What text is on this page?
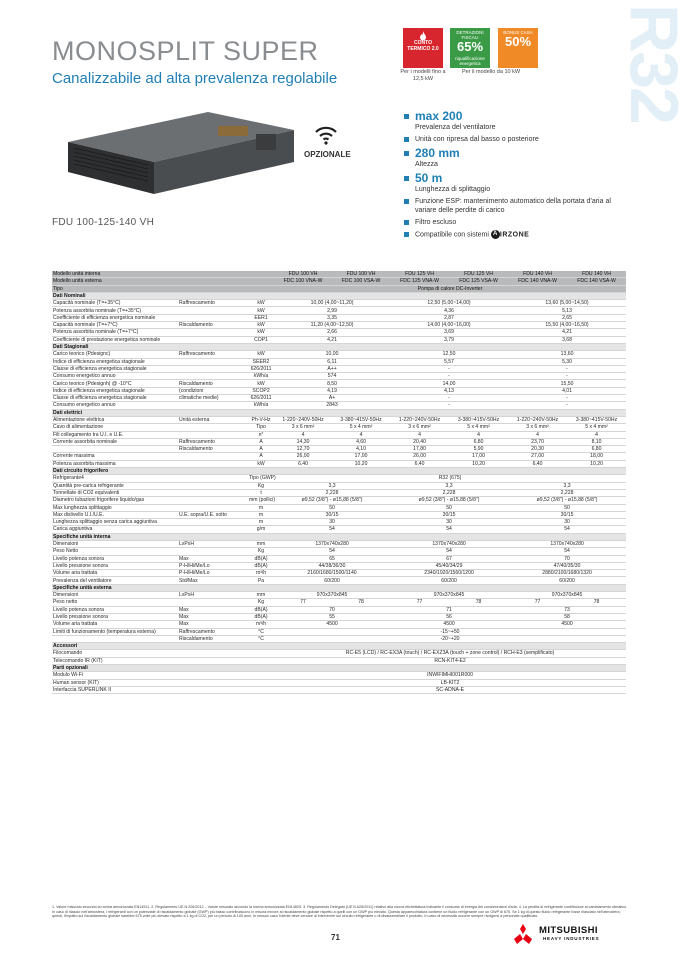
R32
MONOSPLIT SUPER
Canalizzabile ad alta prevalenza regolabile
CONTO TERMICO 2.0
DETRAZIONI FISCALI
65%
riqualificazione energetica
BONUS CASA
50%
Per i modelli fino a 12,5 kW
Per il modello da 10 kW
FDU 100-125-140 VH
OPZIONALE
max 200
Prevalenza del ventilatore
Unità con ripresa dal basso o posteriore
280 mm
Altezza
50 m
Lunghezza di splittaggio
Funzione ESP: mantenimento automatico della portata d'aria al variare delle perdite di carico
Filtro escluso
Compatibile con sistemi A IRZONE
Modello unità interna			FDU 100 VH	FDU 100 VH	FDU 125 VH	FDU 125 VH	FDU 140 VH	FDU 140 VH
Modello unità esterna			FDC 100 VNA-W	FDC 100 VSA-W	FDC 125 VNA-W	FDC 125 VSA-W	FDC 140 VNA-W	FDC 140 VSA-W
Tipo			Pompa di calore DC-Inverter					
Dati Nominali								
Capacità nominale (T=+35°C)	Raffrescamento	kW	10,00 (4,00~11,20)		12,50 (5,00~14,00)		13,60 (5,00~14,50)	
Potenza assorbita nominale (T=+35°C)		kW	2,99		4,36		5,13	
Coefficiente di efficienza energetica nominale		EER1	3,35		2,87		2,65	
Capacità nominale (T=+7°C)	Riscaldamento	kW	11,20 (4,00~12,50)		14,00 (4,00~16,00)		15,50 (4,00~16,50)	
Potenza assorbita nominale (T=+7°C)		kW	2,66		3,69		4,21	
Coefficiente di prestazione energetica nominale		COP1	4,21		3,79		3,68	
Dati Stagionali								
Carico teorico (Pdesignc)	Raffrescamento	kW	10,00		12,50		13,60	
Indice di efficienza energetica stagionale		SEER2	6,11		5,57		5,30	
Classe di efficienza energetica stagionale		626/2011	A++		-		-	
Consumo energetico annuo		kWh/a	574		-		-	
Carico teorico (Pdesignh) @ -10°C	Riscaldamento	kW	8,50		14,00		15,50	
Indice di efficienza energetica stagionale	(condizioni	SCOP2	4,19		4,13		4,01	
Classe di efficienza energetica stagionale	climatiche medie)	626/2011	A+		-		-	
Consumo energetico annuo		kWh/a	2843		-		-	
Dati elettrici								
Alimentazione elettrica	Unità esterna	Ph-V-Hz	1-220~240V-50Hz	3-380~415V-50Hz	1-220~240V-50Hz	3-380~415V-50Hz	1-220~240V-50Hz	3-380~415V-50Hz
Cavo di alimentazione		Tipo	3 x 6 mm²	5 x 4 mm²	3 x 6 mm²	5 x 4 mm²	3 x 6 mm²	5 x 4 mm²
Fili collegamento tra U.I. e U.E.		n°	4	4	4	4	4	4
Corrente assorbita nominale	Raffrescamento	A	14,30	4,60	20,40	6,80	23,70	8,10
	Riscaldamento	A	12,70	4,10	17,80	5,90	20,30	6,80
Corrente massima		A	26,00	17,00	26,00	17,00	27,00	18,00
Potenza assorbita massima		kW	6,40	10,20	6,40	10,20	6,40	10,20
Dati circuito frigorifero								
Refrigerante4		Tipo (GWP)	R32 (675)					
Quantità pre-carica refrigerante		Kg	3,3		3,3		3,3	
Tonnellate di CO2 equivalenti		t	2,228		2,228		2,228	
Diametro tubazioni frigorifere liquido/gas		mm (pollici)	ø9,52 (3/8") - ø15,88 (5/8")		ø9,52 (3/8") - ø15,88 (5/8")		ø9,52 (3/8") - ø15,88 (5/8")	
Max lunghezza splittaggio		m	50		50		50	
Max dislivello U.I./U.E.	U.E. sopra/U.E. sotto	m	30/15		30/15		30/15	
Lunghezza splittaggio senza carica aggiuntiva		m	30		30		30	
Carica aggiuntiva		g/m	54		54		54	
Specifiche unità interna								
Dimensioni	LxPxH	mm	1370x740x280		1370x740x280		1370x740x280	
Peso Netto		Kg	54		54		54	
Livello potenza sonora	Max	dB(A)	65		67		70	
Livello pressione sonora	P-H/Hi/Me/Lo	dB(A)	44/38/36/30		45/40/34/29		47/40/35/30	
Volume aria trattata	P-H/Hi/Me/Lo	m³/h	2160/1680/1500/1140		2340/1920/1560/1200		2880/2100/1680/1320	
Prevalenza del ventilatore	Std/Max	Pa	60/200		60/200		60/200	
Specifiche unità esterna								
Dimensioni	LxPxH	mm	970x370x845		970x370x845		970x370x845	
Peso netto		Kg	77	78	77	78	77	78
Livello potenza sonora	Max	dB(A)	70		71		73	
Livello pressione sonora	Max	dB(A)	55		56		58	
Volume aria trattata	Max	m³/h	4500		4500		4500	
Limiti di funzionamento (temperatura esterna)	Raffrescamento	°C	-15~+50					
	Riscaldamento	°C	-20~+20					
Accessori								
Filocomando			RC-E5 (LCD) / RC-EX3A (touch) / RC-EXZ3A (touch + zone control) / RCH-E3 (semplificato)					
Telecomando IR (KIT)			RCN-KIT4-E2					
Parti opzionali								
Modulo Wi-Fi			INWIFIMHI001R000					
Human sensor (KIT)			LB-KIT2					
Interfaccia SUPERLINK II			SC-ADNA-E					
1. Valore misurato secondo la norma armonizzata EN14511. 2. Regolamento UE N.206/2012 – Valore misurato secondo la norma armonizzata EN14825. 3. Regolamento Delegato (UE N.626/2011) relativo alla nuova etichettatura indicante il consumo di energia dei condizionatori d'aria. 4. La perdita di refrigerante contribuisce al cambiamento climatico. In caso di rilascio nell'atmosfera, i refrigeranti con un potenziale di riscaldamento globale (GWP) più basso contribuiscono in misura minore al riscaldamento globale rispetto a quelli con un GWP più elevato. Questa apparecchiatura contiene un fluido refrigerante con un GWP di 675. Se 1 kg di questo fluido refrigerante fosse rilasciato nell'atmosfera, quindi, l'impatto sul riscaldamento globale sarebbe 675 volte più elevato rispetto a 1 kg di CO2, per un periodo di 100 anni. In nessun caso l'utente deve cercare di intervenire sul circuito refrigerante o di disassemblare il prodotto. In caso di necessità occorre sempre rivolgersi a personale qualificato.
71
MITSUBISHI
HEAVY INDUSTRIES
